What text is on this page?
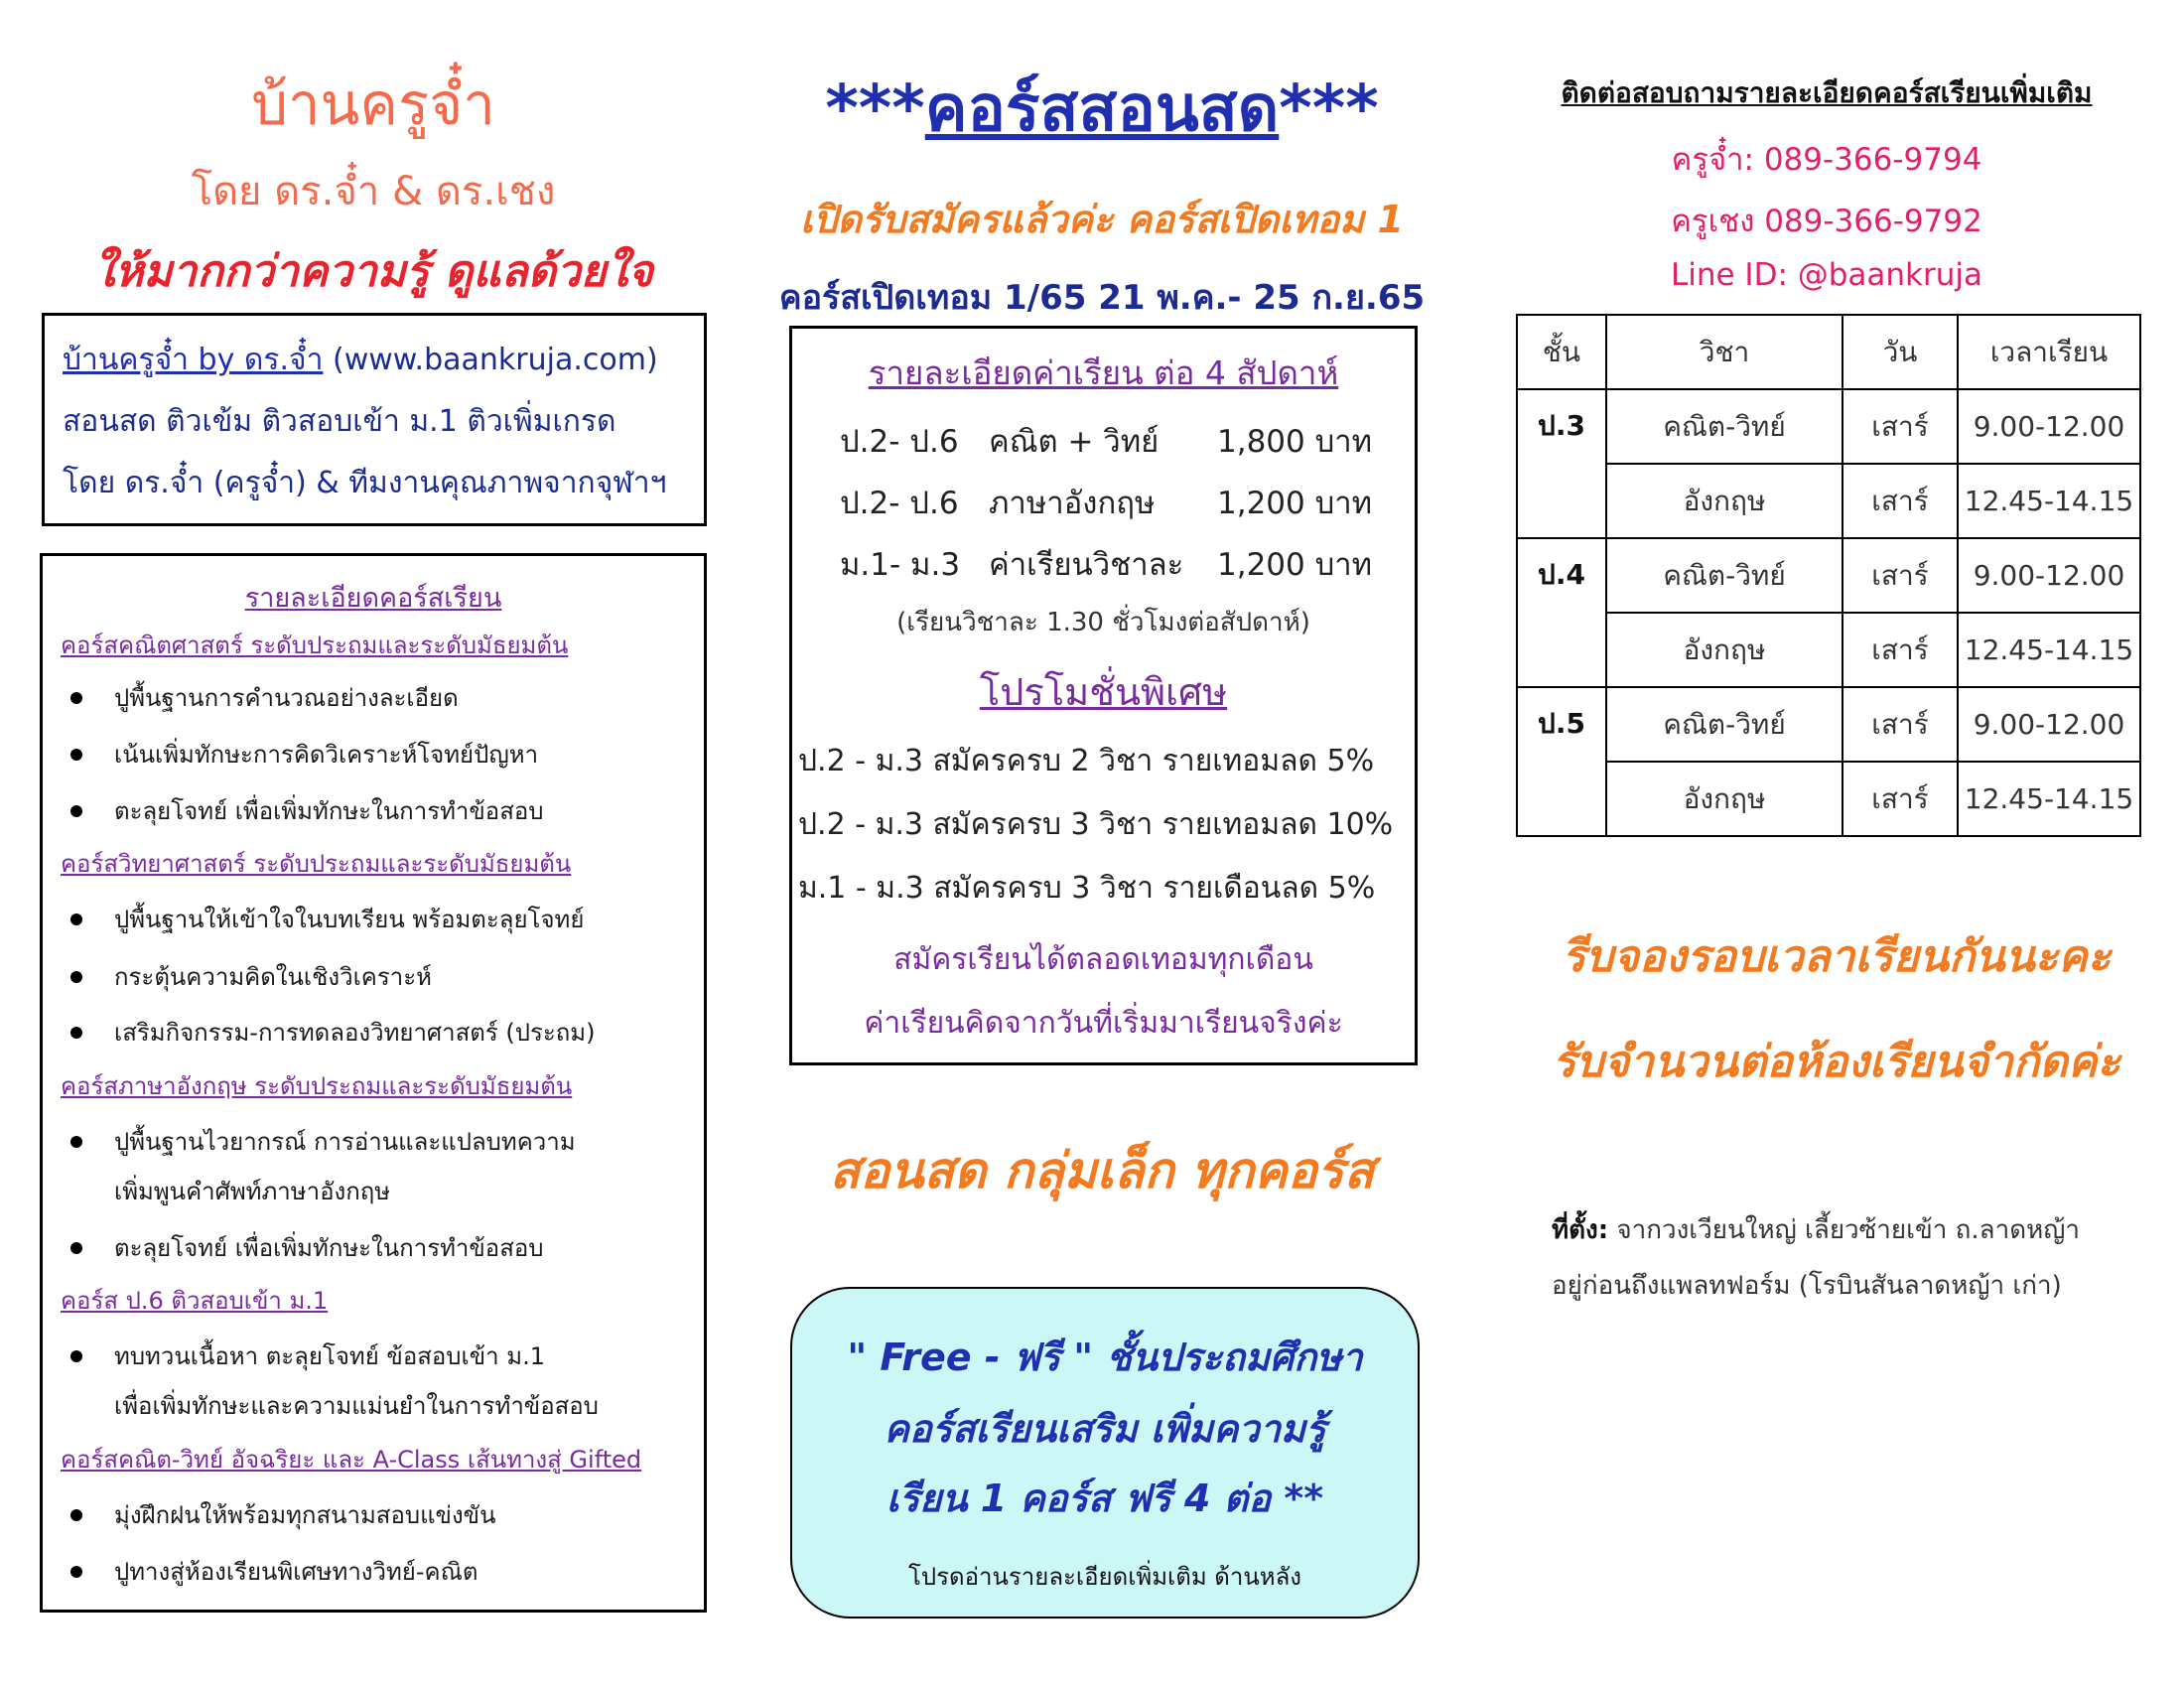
บ้านครูจ๋ำ
โดย ดร.จ๋ำ & ดร.เชง
ให้มากกว่าความรู้ ดูแลด้วยใจ
บ้านครูจ๋ำ by ดร.จ๋ำ (www.baankruja.com)
สอนสด ติวเข้ม ติวสอบเข้า ม.1 ติวเพิ่มเกรด
โดย ดร.จ๋ำ (ครูจ๋ำ) & ทีมงานคุณภาพจากจุฬาฯ
รายละเอียดคอร์สเรียน
คอร์สคณิตศาสตร์ ระดับประถมและระดับมัธยมต้น
ปูพื้นฐานการคำนวณอย่างละเอียด
เน้นเพิ่มทักษะการคิดวิเคราะห์โจทย์ปัญหา
ตะลุยโจทย์ เพื่อเพิ่มทักษะในการทำข้อสอบ
คอร์สวิทยาศาสตร์ ระดับประถมและระดับมัธยมต้น
ปูพื้นฐานให้เข้าใจในบทเรียน พร้อมตะลุยโจทย์
กระตุ้นความคิดในเชิงวิเคราะห์
เสริมกิจกรรม-การทดลองวิทยาศาสตร์ (ประถม)
คอร์สภาษาอังกฤษ ระดับประถมและระดับมัธยมต้น
ปูพื้นฐานไวยากรณ์ การอ่านและแปลบทความ
เพิ่มพูนคำศัพท์ภาษาอังกฤษ
ตะลุยโจทย์ เพื่อเพิ่มทักษะในการทำข้อสอบ
คอร์ส ป.6 ติวสอบเข้า ม.1
ทบทวนเนื้อหา ตะลุยโจทย์ ข้อสอบเข้า ม.1
เพื่อเพิ่มทักษะและความแม่นยำในการทำข้อสอบ
คอร์สคณิต-วิทย์ อัจฉริยะ และ A-Class เส้นทางสู่ Gifted
มุ่งฝึกฝนให้พร้อมทุกสนามสอบแข่งขัน
ปูทางสู่ห้องเรียนพิเศษทางวิทย์-คณิต
***คอร์สสอนสด***
เปิดรับสมัครแล้วค่ะ คอร์สเปิดเทอม 1
คอร์สเปิดเทอม 1/65 21 พ.ค.- 25 ก.ย.65
รายละเอียดค่าเรียน ต่อ 4 สัปดาห์
ป.2- ป.6 คณิต + วิทย์ 1,800 บาท
ป.2- ป.6 ภาษาอังกฤษ 1,200 บาท
ม.1- ม.3 ค่าเรียนวิชาละ 1,200 บาท
(เรียนวิชาละ 1.30 ชั่วโมงต่อสัปดาห์)
โปรโมชั่นพิเศษ
ป.2 - ม.3 สมัครครบ 2 วิชา รายเทอมลด 5%
ป.2 - ม.3 สมัครครบ 3 วิชา รายเทอมลด 10%
ม.1 - ม.3 สมัครครบ 3 วิชา รายเดือนลด 5%
สมัครเรียนได้ตลอดเทอมทุกเดือน
ค่าเรียนคิดจากวันที่เริ่มมาเรียนจริงค่ะ
สอนสด กลุ่มเล็ก ทุกคอร์ส
" Free - ฟรี " ชั้นประถมศึกษา
คอร์สเรียนเสริม เพิ่มความรู้
เรียน 1 คอร์ส ฟรี 4 ต่อ **
โปรดอ่านรายละเอียดเพิ่มเติม ด้านหลัง
ติดต่อสอบถามรายละเอียดคอร์สเรียนเพิ่มเติม
ครูจ๋ำ: 089-366-9794
ครูเชง 089-366-9792
Line ID: @baankruja
ชั้น	วิชา	วัน	เวลาเรียน
ป.3	คณิต-วิทย์	เสาร์	9.00-12.00
	อังกฤษ	เสาร์	12.45-14.15
ป.4	คณิต-วิทย์	เสาร์	9.00-12.00
	อังกฤษ	เสาร์	12.45-14.15
ป.5	คณิต-วิทย์	เสาร์	9.00-12.00
	อังกฤษ	เสาร์	12.45-14.15
รีบจองรอบเวลาเรียนกันนะคะ
รับจำนวนต่อห้องเรียนจำกัดค่ะ
ที่ตั้ง: จากวงเวียนใหญ่ เลี้ยวซ้ายเข้า ถ.ลาดหญ้า
อยู่ก่อนถึงแพลทฟอร์ม (โรบินสันลาดหญ้า เก่า)
